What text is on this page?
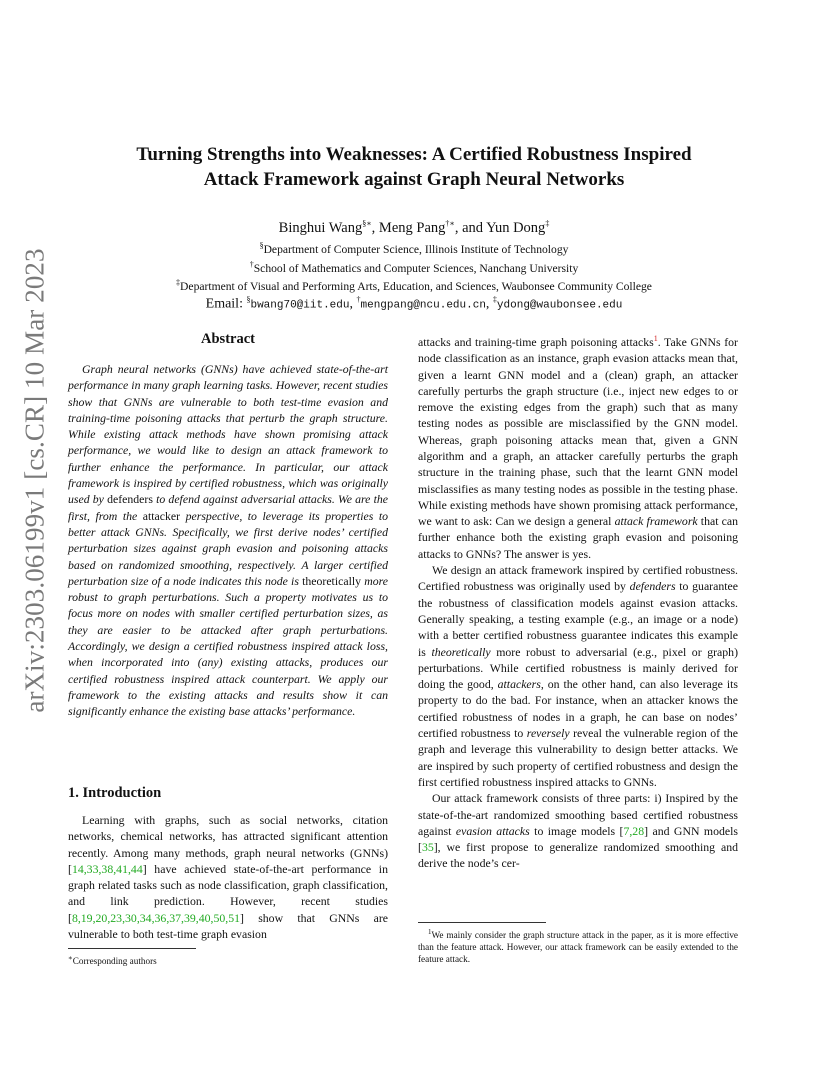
arXiv:2303.06199v1 [cs.CR] 10 Mar 2023
Turning Strengths into Weaknesses: A Certified Robustness Inspired
Attack Framework against Graph Neural Networks
Binghui Wang§∗, Meng Pang†∗, and Yun Dong‡
§Department of Computer Science, Illinois Institute of Technology
†School of Mathematics and Computer Sciences, Nanchang University
‡Department of Visual and Performing Arts, Education, and Sciences, Waubonsee Community College
Email: §bwang70@iit.edu, †mengpang@ncu.edu.cn, ‡ydong@waubonsee.edu
Abstract

Graph neural networks (GNNs) have achieved state-of-the-art performance in many graph learning tasks. However, recent studies show that GNNs are vulnerable to both test-time evasion and training-time poisoning attacks that perturb the graph structure. While existing attack methods have shown promising attack performance, we would like to design an attack framework to further enhance the performance. In particular, our attack framework is inspired by certified robustness, which was originally used by defenders to defend against adversarial attacks. We are the first, from the attacker perspective, to leverage its properties to better attack GNNs. Specifically, we first derive nodes’ certified perturbation sizes against graph evasion and poisoning attacks based on randomized smoothing, respectively. A larger certified perturbation size of a node indicates this node is theoretically more robust to graph perturbations. Such a property motivates us to focus more on nodes with smaller certified perturbation sizes, as they are easier to be attacked after graph perturbations. Accordingly, we design a certified robustness inspired attack loss, when incorporated into (any) existing attacks, produces our certified robustness inspired attack counterpart. We apply our framework to the existing attacks and results show it can significantly enhance the existing base attacks’ performance.

1. Introduction

Learning with graphs, such as social networks, citation networks, chemical networks, has attracted significant attention recently. Among many methods, graph neural networks (GNNs) [14,33,38,41,44] have achieved state-of-the-art performance in graph related tasks such as node classification, graph classification, and link prediction. However, recent studies [8,19,20,23,30,34,36,37,39,40,50,51] show that GNNs are vulnerable to both test-time graph evasion

attacks and training-time graph poisoning attacks$^1$. Take GNNs for node classification as an instance, graph evasion attacks mean that, given a learnt GNN model and a (clean) graph, an attacker carefully perturbs the graph structure (i.e., inject new edges to or remove the existing edges from the graph) such that as many testing nodes as possible are misclassified by the GNN model. Whereas, graph poisoning attacks mean that, given a GNN algorithm and a graph, an attacker carefully perturbs the graph structure in the training phase, such that the learnt GNN model misclassifies as many testing nodes as possible in the testing phase. While existing methods have shown promising attack performance, we want to ask: Can we design a general attack framework that can further enhance both the existing graph evasion and poisoning attacks to GNNs? The answer is yes.

We design an attack framework inspired by certified robustness. Certified robustness was originally used by defenders to guarantee the robustness of classification models against evasion attacks. Generally speaking, a testing example (e.g., an image or a node) with a better certified robustness guarantee indicates this example is theoretically more robust to adversarial (e.g., pixel or graph) perturbations. While certified robustness is mainly derived for doing the good, attackers, on the other hand, can also leverage its property to do the bad. For instance, when an attacker knows the certified robustness of nodes in a graph, he can base on nodes’ certified robustness to reversely reveal the vulnerable region of the graph and leverage this vulnerability to design better attacks. We are inspired by such property of certified robustness and design the first certified robustness inspired attacks to GNNs.

Our attack framework consists of three parts: i) Inspired by the state-of-the-art randomized smoothing based certified robustness against evasion attacks to image models [7,28] and GNN models [35], we first propose to generalize randomized smoothing and derive the node’s cer-

∗Corresponding authors
$^1$We mainly consider the graph structure attack in the paper, as it is more effective than the feature attack. However, our attack framework can be easily extended to the feature attack.
